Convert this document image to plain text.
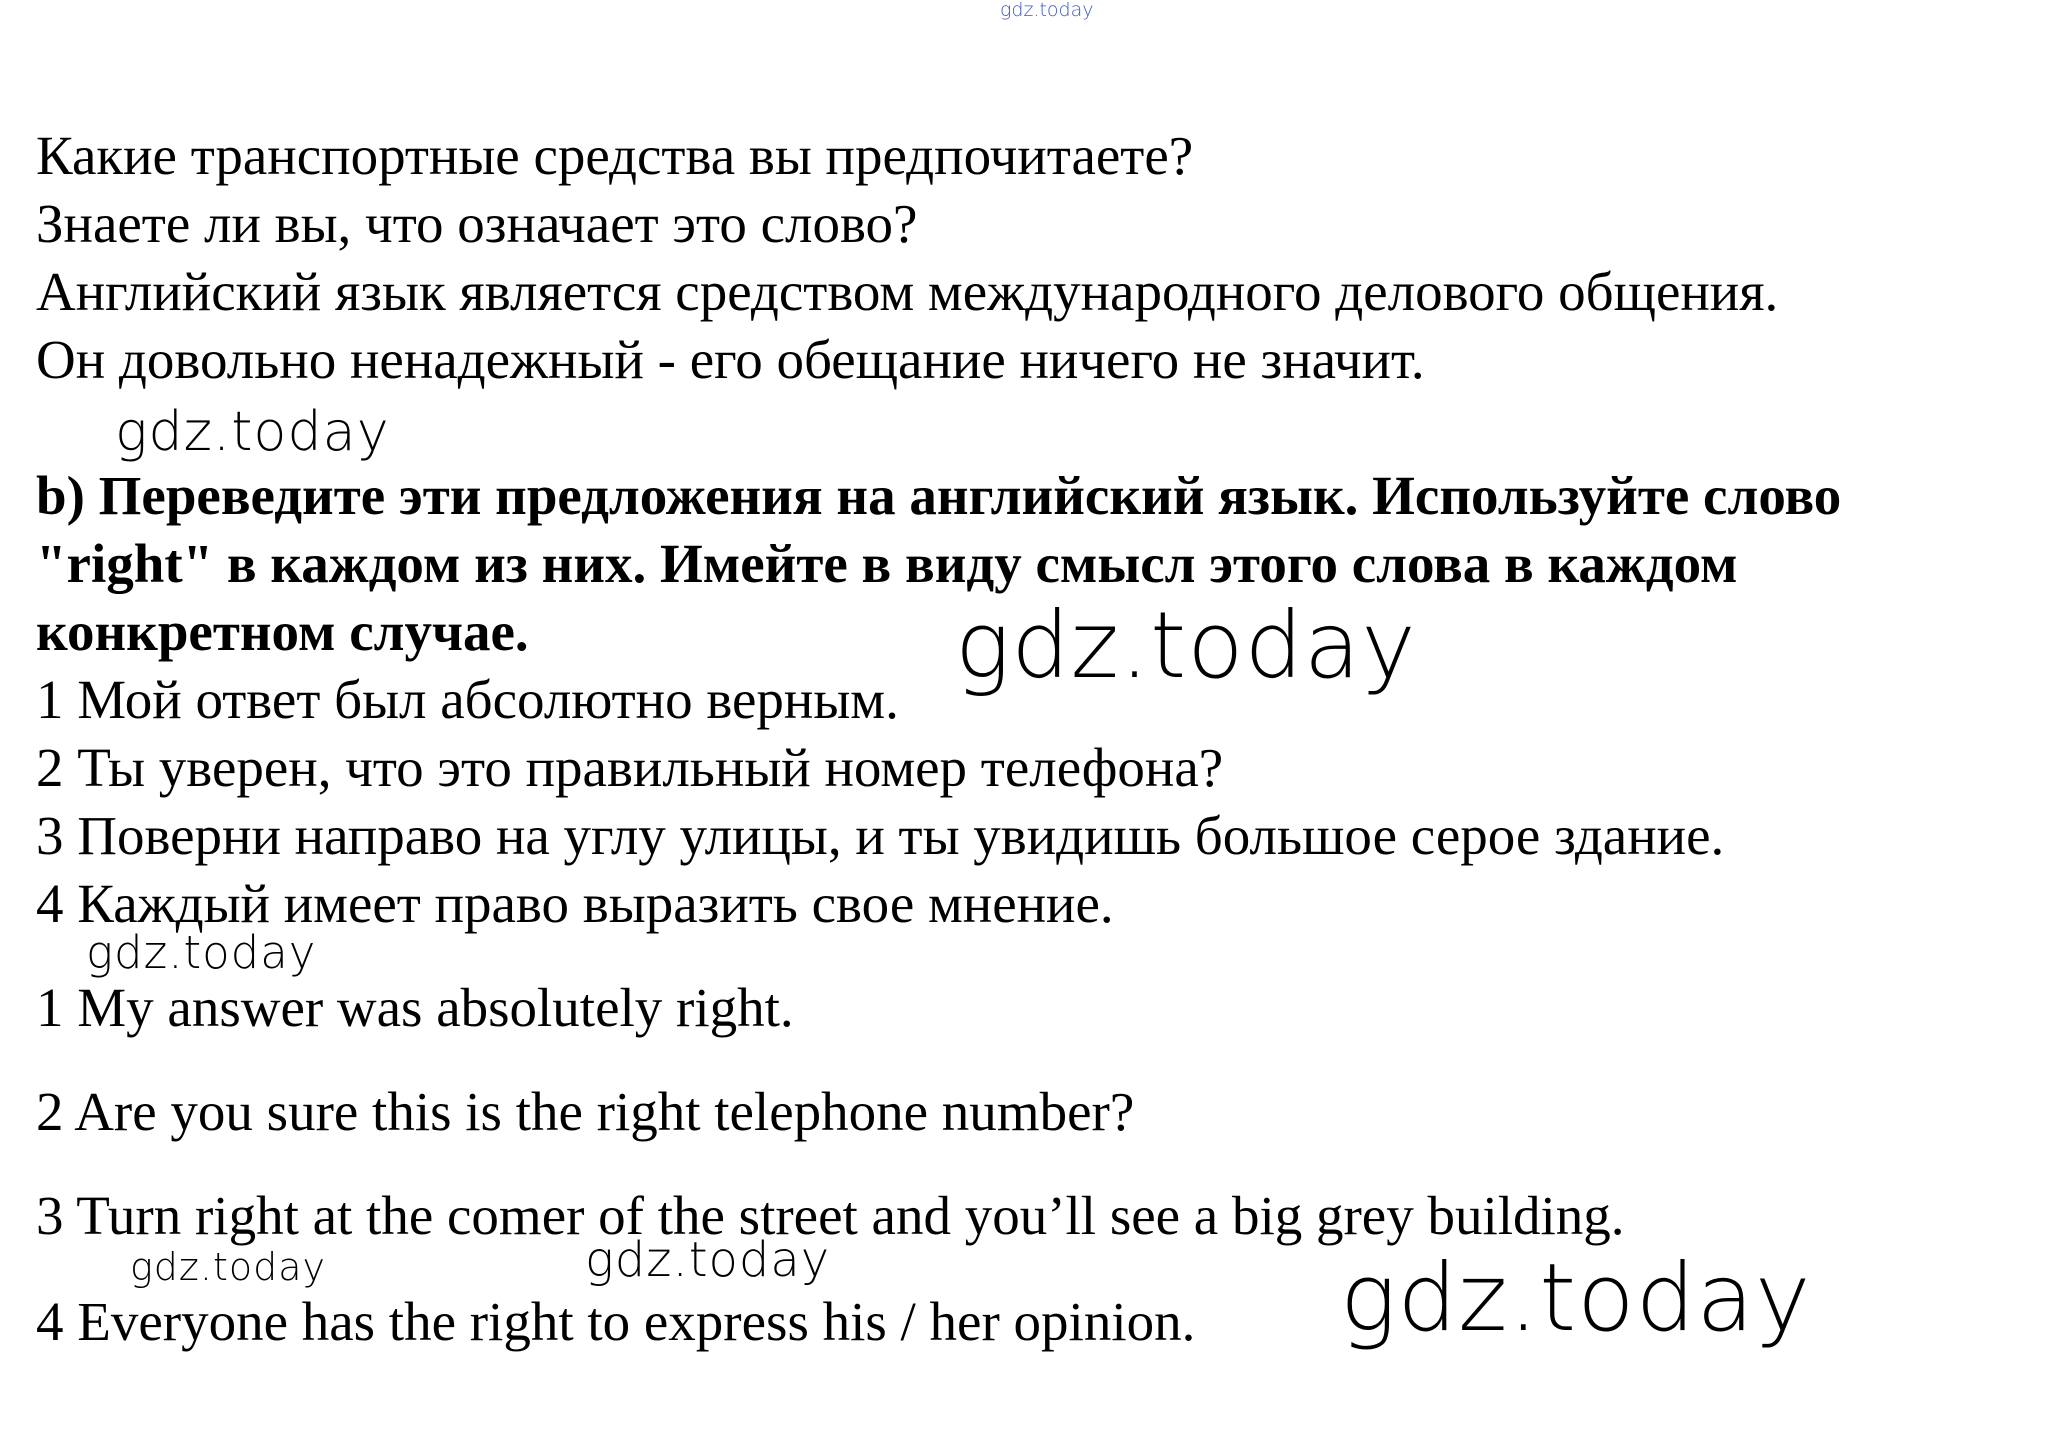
gdz.today
Какие транспортные средства вы предпочитаете?
Знаете ли вы, что означает это слово?
Английский язык является средством международного делового общения.
Он довольно ненадежный - его обещание ничего не значит.
gdz.today
b) Переведите эти предложения на английский язык. Используйте слово
"right" в каждом из них. Имейте в виду смысл этого слова в каждом
конкретном случае.	gdz.today
1 Мой ответ был абсолютно верным.
2 Ты уверен, что это правильный номер телефона?
3 Поверни направо на углу улицы, и ты увидишь большое серое здание.
4 Каждый имеет право выразить свое мнение.
gdz.today
1 My answer was absolutely right.
2 Are you sure this is the right telephone number?
3 Turn right at the comer of the street and you’ll see a big grey building.
gdz.today	gdz.today
4 Everyone has the right to express his / her opinion. gdz.today
